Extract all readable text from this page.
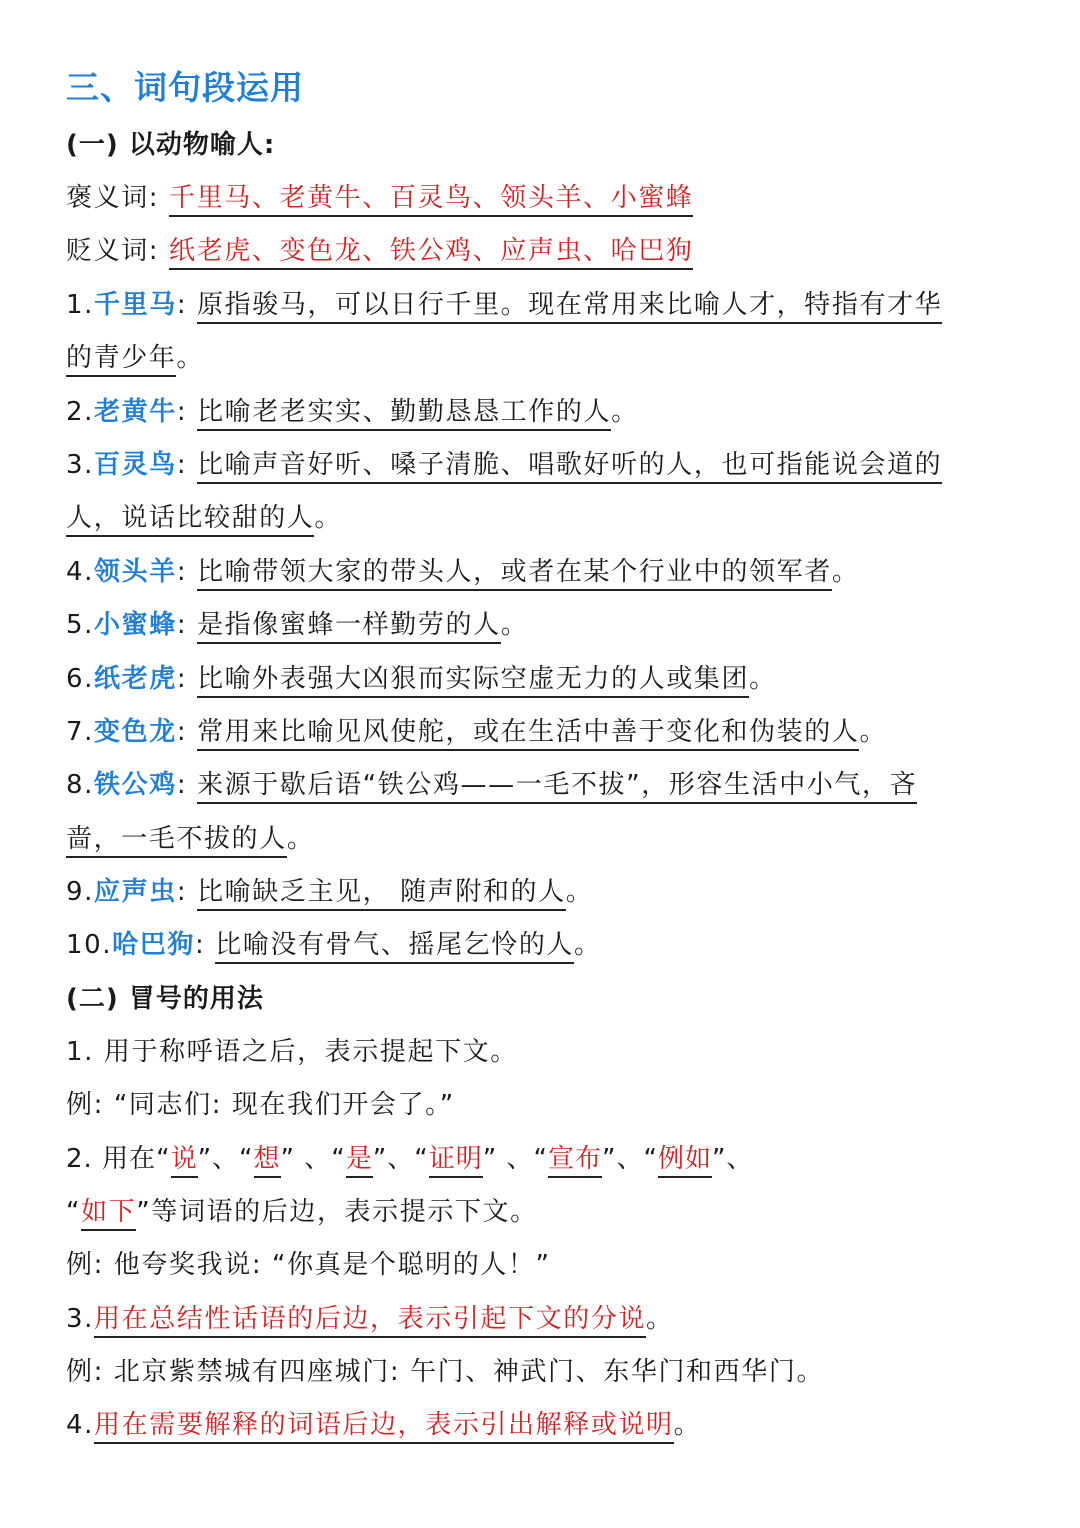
三、词句段运用
(一) 以动物喻人:
褒义词: 千里马、老黄牛、百灵鸟、领头羊、小蜜蜂
贬义词: 纸老虎、变色龙、铁公鸡、应声虫、哈巴狗
1.千里马: 原指骏马，可以日行千里。现在常用来比喻人才，特指有才华
的青少年。
2.老黄牛: 比喻老老实实、勤勤恳恳工作的人。
3.百灵鸟: 比喻声音好听、嗓子清脆、唱歌好听的人，也可指能说会道的
人，说话比较甜的人。
4.领头羊: 比喻带领大家的带头人，或者在某个行业中的领军者。
5.小蜜蜂: 是指像蜜蜂一样勤劳的人。
6.纸老虎: 比喻外表强大凶狠而实际空虚无力的人或集团。
7.变色龙: 常用来比喻见风使舵，或在生活中善于变化和伪装的人。
8.铁公鸡: 来源于歇后语“铁公鸡——一毛不拔”，形容生活中小气，吝
啬，一毛不拔的人。
9.应声虫: 比喻缺乏主见， 随声附和的人。
10.哈巴狗: 比喻没有骨气、摇尾乞怜的人。
(二) 冒号的用法
1. 用于称呼语之后，表示提起下文。
例: “同志们: 现在我们开会了。”
2. 用在“说”、“想” 、“是”、“证明” 、“宣布”、“例如”、
“如下”等词语的后边，表示提示下文。
例: 他夸奖我说: “你真是个聪明的人！”
3.用在总结性话语的后边，表示引起下文的分说。
例: 北京紫禁城有四座城门: 午门、神武门、东华门和西华门。
4.用在需要解释的词语后边，表示引出解释或说明。
